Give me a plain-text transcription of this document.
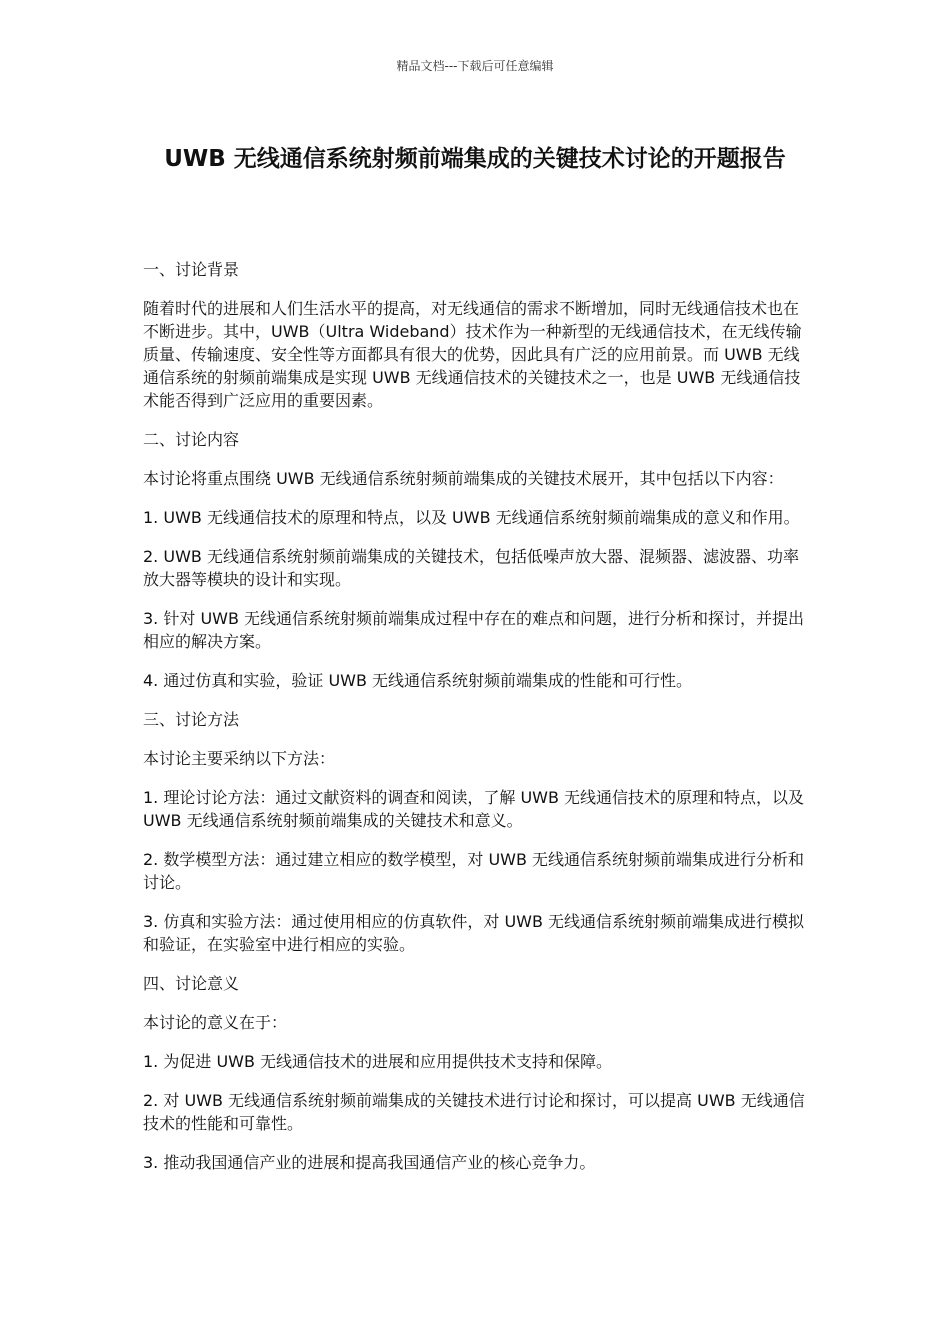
精品文档---下载后可任意编辑
UWB 无线通信系统射频前端集成的关键技术讨论的开题报告
一、讨论背景

随着时代的进展和人们生活水平的提高，对无线通信的需求不断增加，同时无线通信技术也在不断进步。其中，UWB（Ultra Wideband）技术作为一种新型的无线通信技术，在无线传输质量、传输速度、安全性等方面都具有很大的优势，因此具有广泛的应用前景。而 UWB 无线通信系统的射频前端集成是实现 UWB 无线通信技术的关键技术之一，也是 UWB 无线通信技术能否得到广泛应用的重要因素。

二、讨论内容

本讨论将重点围绕 UWB 无线通信系统射频前端集成的关键技术展开，其中包括以下内容：

1. UWB 无线通信技术的原理和特点，以及 UWB 无线通信系统射频前端集成的意义和作用。

2. UWB 无线通信系统射频前端集成的关键技术，包括低噪声放大器、混频器、滤波器、功率放大器等模块的设计和实现。

3. 针对 UWB 无线通信系统射频前端集成过程中存在的难点和问题，进行分析和探讨，并提出相应的解决方案。

4. 通过仿真和实验，验证 UWB 无线通信系统射频前端集成的性能和可行性。

三、讨论方法

本讨论主要采纳以下方法：

1. 理论讨论方法：通过文献资料的调查和阅读，了解 UWB 无线通信技术的原理和特点，以及 UWB 无线通信系统射频前端集成的关键技术和意义。

2. 数学模型方法：通过建立相应的数学模型，对 UWB 无线通信系统射频前端集成进行分析和讨论。

3. 仿真和实验方法：通过使用相应的仿真软件，对 UWB 无线通信系统射频前端集成进行模拟和验证，在实验室中进行相应的实验。

四、讨论意义

本讨论的意义在于：

1. 为促进 UWB 无线通信技术的进展和应用提供技术支持和保障。

2. 对 UWB 无线通信系统射频前端集成的关键技术进行讨论和探讨，可以提高 UWB 无线通信技术的性能和可靠性。

3. 推动我国通信产业的进展和提高我国通信产业的核心竞争力。
